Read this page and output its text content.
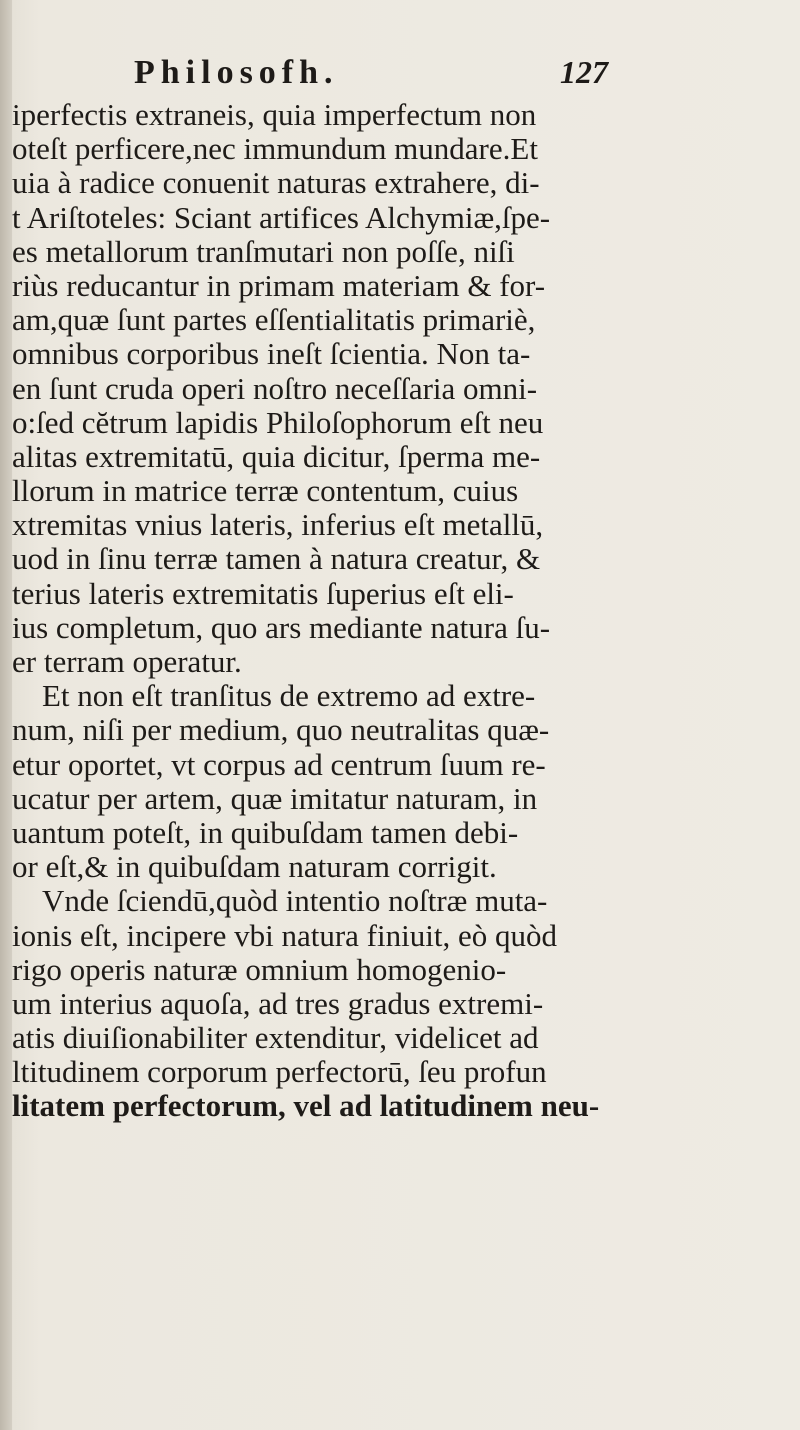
Philosofh.	127
iperfectis extraneis, quia imperfectum non
oteſt perficere,nec immundum mundare.Et
uia à radice conuenit naturas extrahere, di-
t Ariſtoteles: Sciant artifices Alchymiæ,ſpe-
es metallorum tranſmutari non poſſe, niſi
riùs reducantur in primam materiam & for-
am,quæ ſunt partes eſſentialitatis primariè,
omnibus corporibus ineſt ſcientia. Non ta-
en ſunt cruda operi noſtro neceſſaria omni-
o:ſed cĕtrum lapidis Philoſophorum eſt neu
alitas extremitatū, quia dicitur, ſperma me-
llorum in matrice terræ contentum, cuius
xtremitas vnius lateris, inferius eſt metallū,
uod in ſinu terræ tamen à natura creatur, &
terius lateris extremitatis ſuperius eſt eli-
ius completum, quo ars mediante natura ſu-
er terram operatur.
Et non eſt tranſitus de extremo ad extre-
num, niſi per medium, quo neutralitas quæ-
etur oportet, vt corpus ad centrum ſuum re-
ucatur per artem, quæ imitatur naturam, in
uantum poteſt, in quibuſdam tamen debi-
or eſt,& in quibuſdam naturam corrigit.
Vnde ſciendū,quòd intentio noſtræ muta-
ionis eſt, incipere vbi natura finiuit, eò quòd
rigo operis naturæ omnium homogenio-
um interius aquoſa, ad tres gradus extremi-
atis diuiſionabiliter extenditur, videlicet ad
ltitudinem corporum perfectorū, ſeu profun
litatem perfectorum, vel ad latitudinem neu-
